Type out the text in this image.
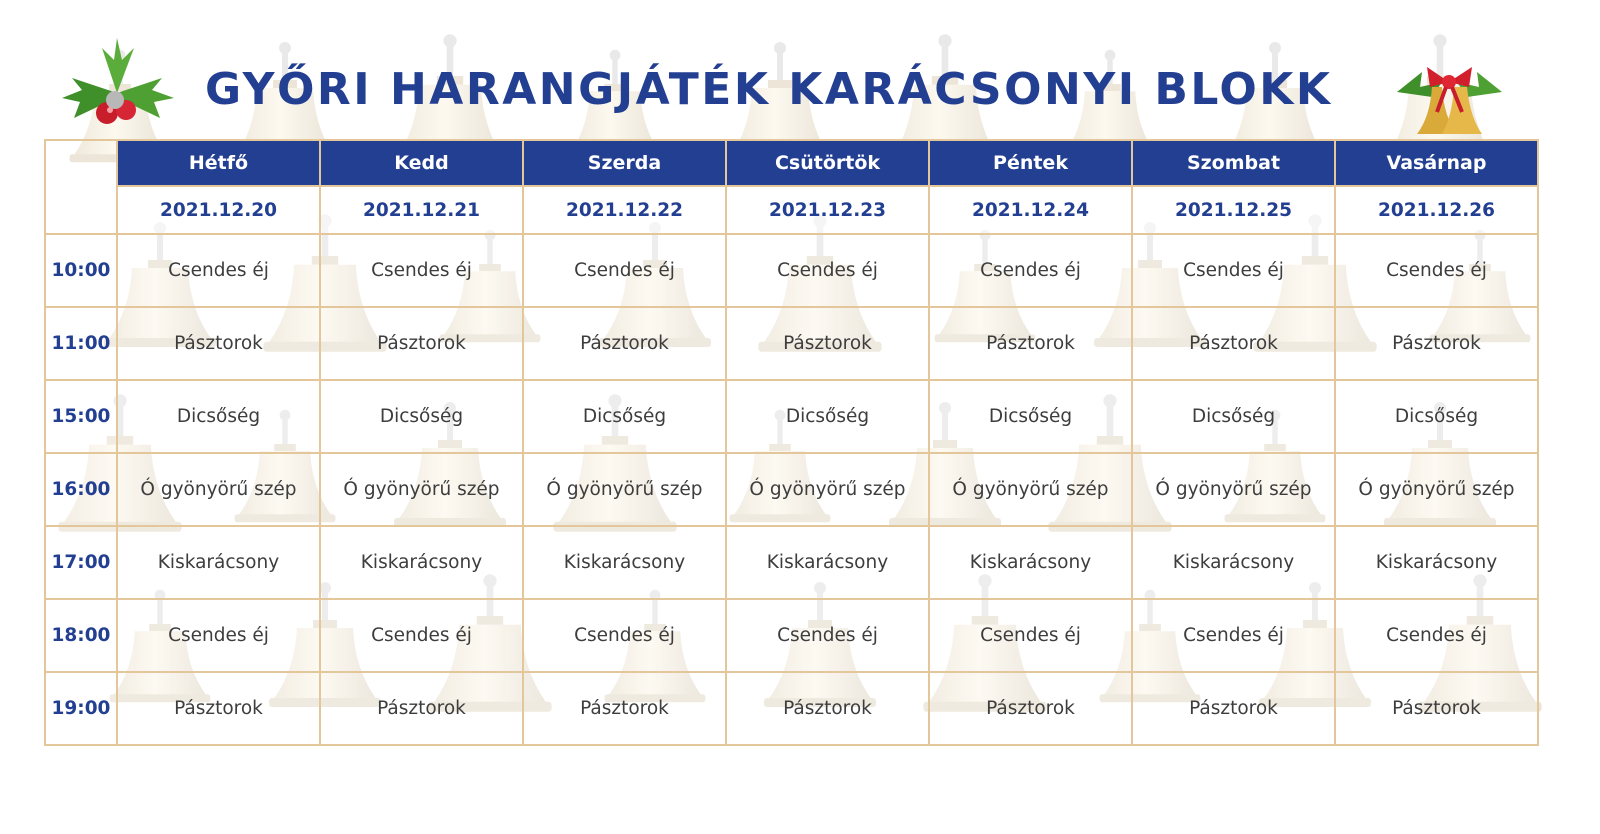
GYŐRI HARANGJÁTÉK KARÁCSONYI BLOKK
	Hétfő	Kedd	Szerda	Csütörtök	Péntek	Szombat	Vasárnap
	2021.12.20	2021.12.21	2021.12.22	2021.12.23	2021.12.24	2021.12.25	2021.12.26
10:00	Csendes éj	Csendes éj	Csendes éj	Csendes éj	Csendes éj	Csendes éj	Csendes éj
11:00	Pásztorok	Pásztorok	Pásztorok	Pásztorok	Pásztorok	Pásztorok	Pásztorok
15:00	Dicsőség	Dicsőség	Dicsőség	Dicsőség	Dicsőség	Dicsőség	Dicsőség
16:00	Ó gyönyörű szép	Ó gyönyörű szép	Ó gyönyörű szép	Ó gyönyörű szép	Ó gyönyörű szép	Ó gyönyörű szép	Ó gyönyörű szép
17:00	Kiskarácsony	Kiskarácsony	Kiskarácsony	Kiskarácsony	Kiskarácsony	Kiskarácsony	Kiskarácsony
18:00	Csendes éj	Csendes éj	Csendes éj	Csendes éj	Csendes éj	Csendes éj	Csendes éj
19:00	Pásztorok	Pásztorok	Pásztorok	Pásztorok	Pásztorok	Pásztorok	Pásztorok
